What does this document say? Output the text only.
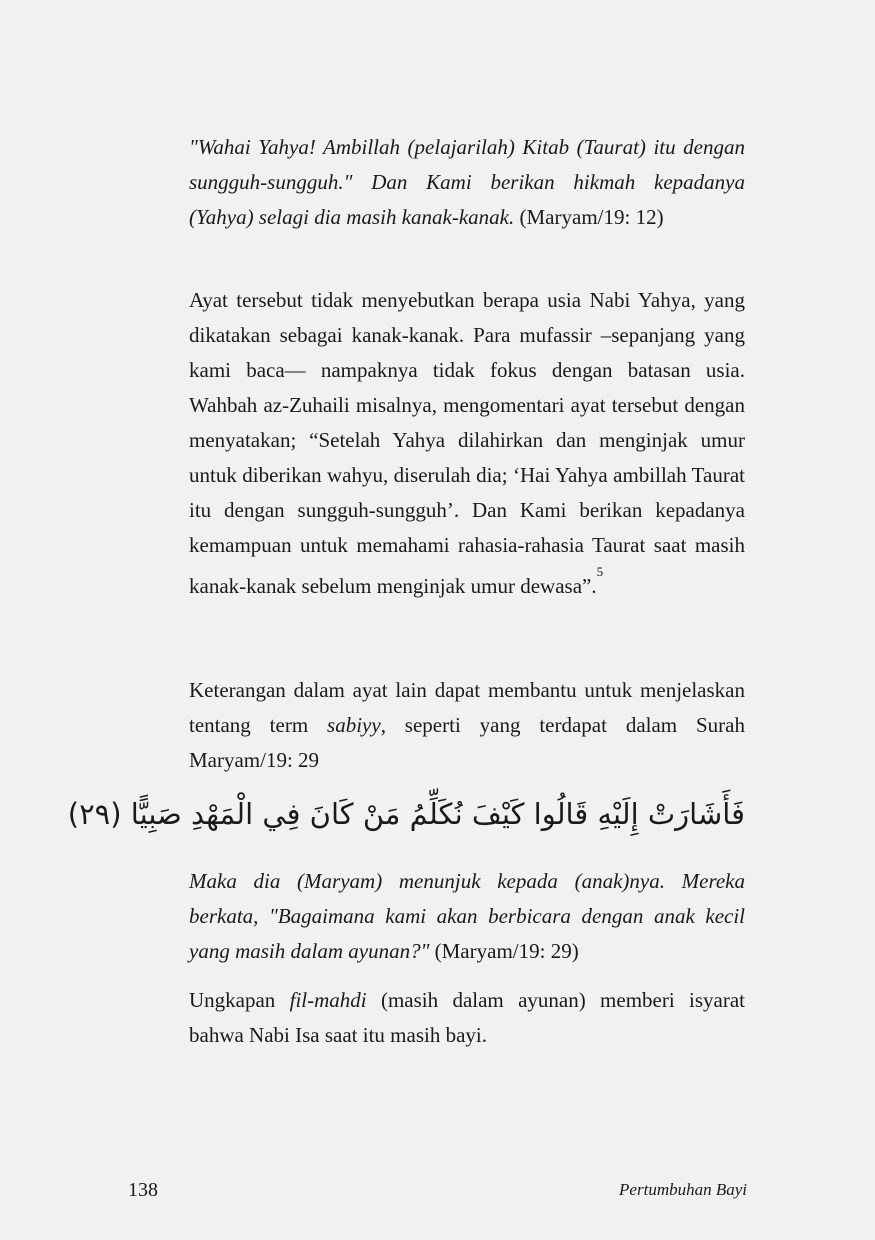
"Wahai Yahya! Ambillah (pelajarilah) Kitab (Taurat) itu dengan sungguh-sungguh." Dan Kami berikan hikmah kepadanya (Yahya) selagi dia masih kanak-kanak. (Maryam/19: 12)

Ayat tersebut tidak menyebutkan berapa usia Nabi Yahya, yang dikatakan sebagai kanak-kanak. Para mufassir –sepanjang yang kami baca— nampaknya tidak fokus dengan batasan usia. Wahbah az-Zuhaili misalnya, mengomentari ayat tersebut dengan menyatakan; “Setelah Yahya dilahirkan dan menginjak umur untuk diberikan wahyu, diserulah dia; ‘Hai Yahya ambillah Taurat itu dengan sungguh-sungguh’. Dan Kami berikan kepadanya kemampuan untuk memahami rahasia-rahasia Taurat saat masih kanak-kanak sebelum menginjak umur dewasa”.$^5$

Keterangan dalam ayat lain dapat membantu untuk menjelaskan tentang term sabiyy, seperti yang terdapat dalam Surah Maryam/19: 29

فَأَشَارَتْ إِلَيْهِ قَالُوا كَيْفَ نُكَلِّمُ مَنْ كَانَ فِي الْمَهْدِ صَبِيًّا (٢٩)

Maka dia (Maryam) menunjuk kepada (anak)nya. Mereka berkata, "Bagaimana kami akan berbicara dengan anak kecil yang masih dalam ayunan?" (Maryam/19: 29)

Ungkapan fil-mahdi (masih dalam ayunan) memberi isyarat bahwa Nabi Isa saat itu masih bayi.

138	Pertumbuhan Bayi
